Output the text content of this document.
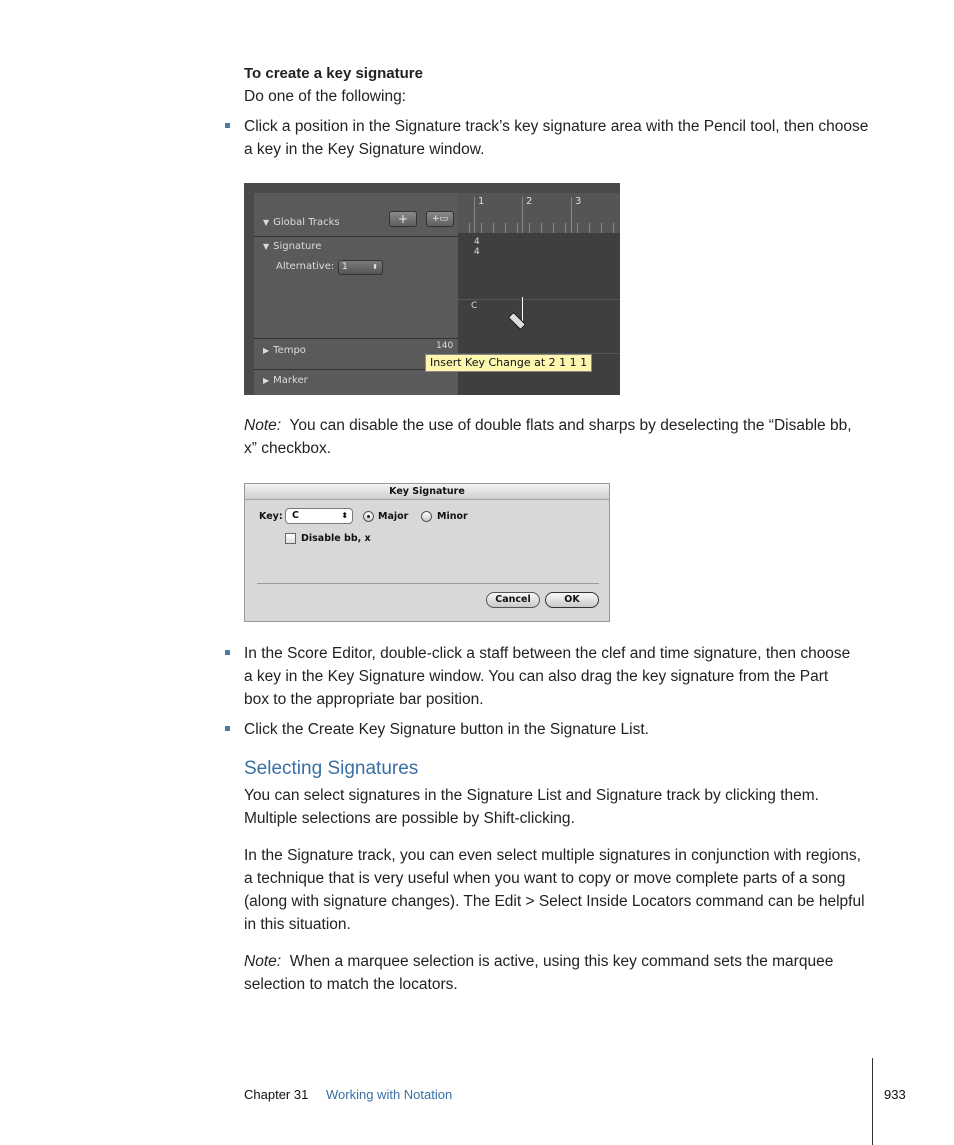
To create a key signature
Do one of the following:
Click a position in the Signature track’s key signature area with the Pencil tool, then choose
a key in the Key Signature window.
▼ Global Tracks	+	+▭
▼ Signature
Alternative: 1	⬍
▶ Tempo	140
▶ Marker
1	2	3
4
4
C
Insert Key Change at 2 1 1 1
Note: You can disable the use of double flats and sharps by deselecting the “Disable bb,
x” checkbox.
Key Signature
Key: C	⬍	Major	Minor
Disable bb, x
Cancel	OK
In the Score Editor, double-click a staff between the clef and time signature, then choose
a key in the Key Signature window. You can also drag the key signature from the Part
box to the appropriate bar position.
Click the Create Key Signature button in the Signature List.
Selecting Signatures
You can select signatures in the Signature List and Signature track by clicking them.
Multiple selections are possible by Shift-clicking.
In the Signature track, you can even select multiple signatures in conjunction with regions,
a technique that is very useful when you want to copy or move complete parts of a song
(along with signature changes). The Edit > Select Inside Locators command can be helpful
in this situation.
Note: When a marquee selection is active, using this key command sets the marquee
selection to match the locators.
Chapter 31 Working with Notation	933
